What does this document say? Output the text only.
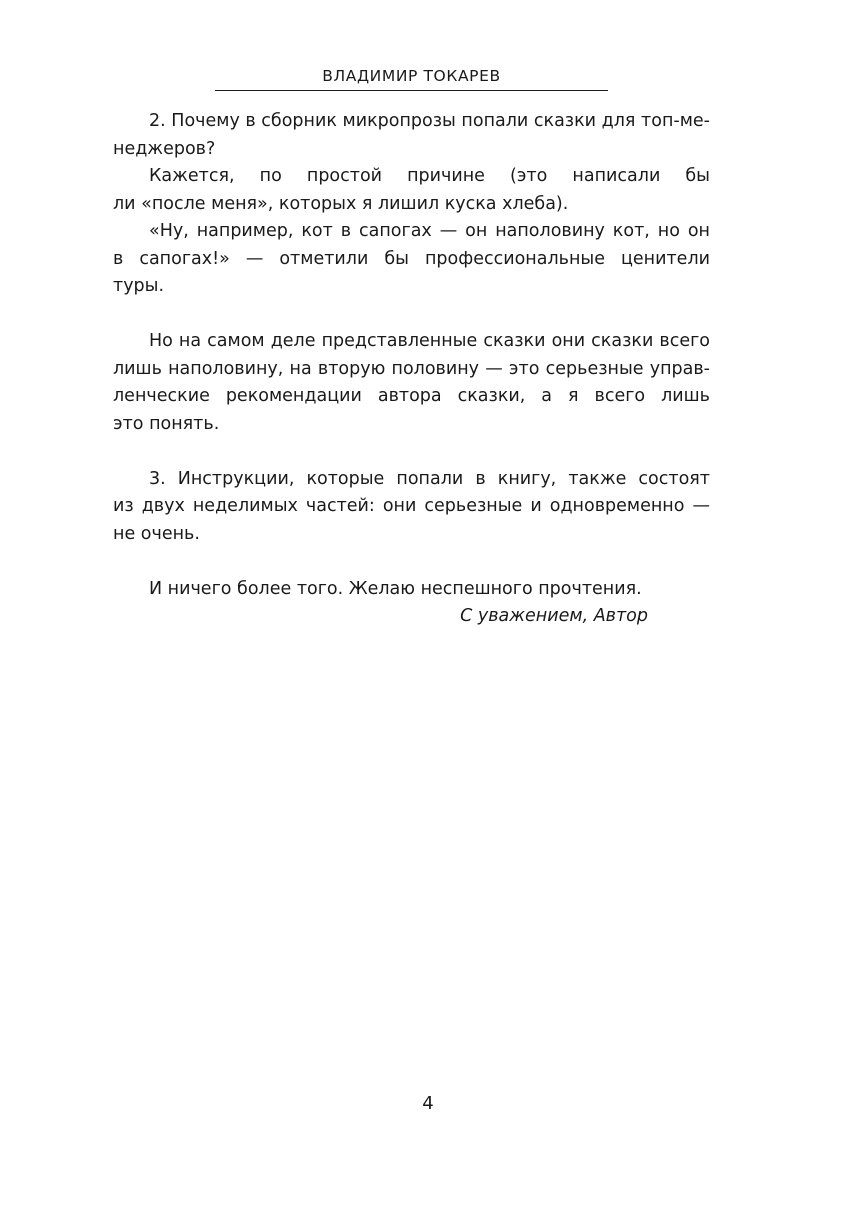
ВЛАДИМИР ТОКАРЕВ
2. Почему в сборник микропрозы попали сказки для топ-ме-
неджеров?
Кажется, по простой причине (это написали бы
ли «после меня», которых я лишил куска хлеба).
«Ну, например, кот в сапогах — он наполовину кот, но он
в сапогах!» — отметили бы профессиональные ценители
туры.
Но на самом деле представленные сказки они сказки всего
лишь наполовину, на вторую половину — это серьезные управ-
ленческие рекомендации автора сказки, а я всего лишь
это понять.
3. Инструкции, которые попали в книгу, также состоят
из двух неделимых частей: они серьезные и одновременно —
не очень.
И ничего более того. Желаю неспешного прочтения.
С уважением, Автор
4
